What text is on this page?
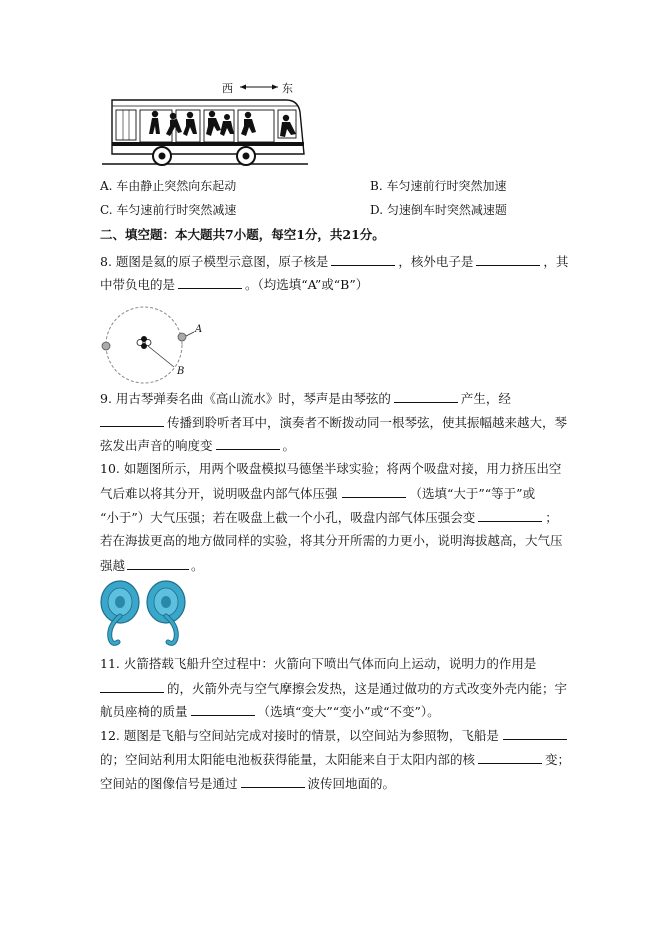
西	东
A. 车由静止突然向东起动	B. 车匀速前行时突然加速
C. 车匀速前行时突然减速	D. 匀速倒车时突然减速题
二、填空题：本大题共7小题，每空1分，共21分。
8. 题图是氦的原子模型示意图，原子核是	，核外电子是	，其
中带负电的是	。（均选填“A”或“B”）
A
B
9. 用古琴弹奏名曲《高山流水》时，琴声是由琴弦的	产生，经
传播到聆听者耳中，演奏者不断拨动同一根琴弦，使其振幅越来越大，琴
弦发出声音的响度变	。
10. 如题图所示，用两个吸盘模拟马德堡半球实验；将两个吸盘对接，用力挤压出空
气后难以将其分开，说明吸盘内部气体压强	（选填“大于”“等于”或
“小于”）大气压强；若在吸盘上截一个小孔，吸盘内部气体压强会变	；
若在海拔更高的地方做同样的实验，将其分开所需的力更小，说明海拔越高，大气压
强越	。
11. 火箭搭载飞船升空过程中：火箭向下喷出气体而向上运动，说明力的作用是
的，火箭外壳与空气摩擦会发热，这是通过做功的方式改变外壳内能；宇
航员座椅的质量	（选填“变大”“变小”或“不变”）。
12. 题图是飞船与空间站完成对接时的情景，以空间站为参照物，飞船是
的；空间站利用太阳能电池板获得能量，太阳能来自于太阳内部的核	变；
空间站的图像信号是通过	波传回地面的。
